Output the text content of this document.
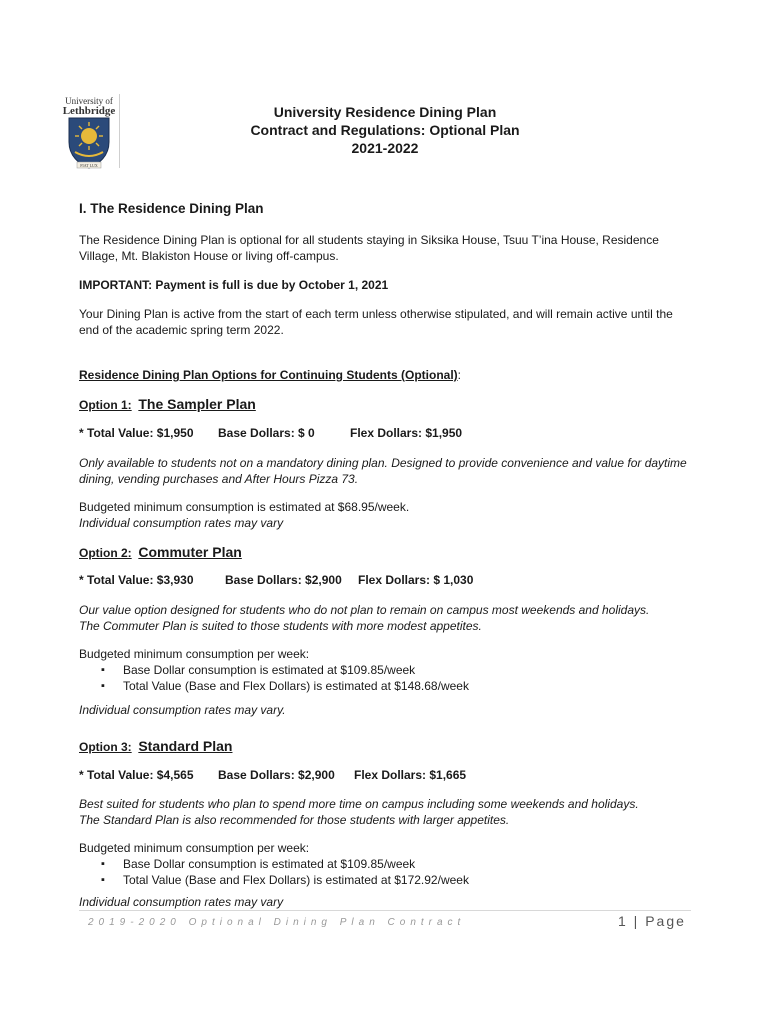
University of
Lethbridge
FIAT LUX
University Residence Dining Plan
Contract and Regulations: Optional Plan
2021-2022
I. The Residence Dining Plan

The Residence Dining Plan is optional for all students staying in Siksika House, Tsuu T’ina House, Residence Village, Mt. Blakiston House or living off-campus.

IMPORTANT: Payment is full is due by October 1, 2021

Your Dining Plan is active from the start of each term unless otherwise stipulated, and will remain active until the end of the academic spring term 2022.

Residence Dining Plan Options for Continuing Students (Optional):
Option 1: The Sampler Plan
* Total Value: $1,950 Base Dollars: $ 0	Flex Dollars: $1,950

Only available to students not on a mandatory dining plan. Designed to provide convenience and value for daytime dining, vending purchases and After Hours Pizza 73.

Budgeted minimum consumption is estimated at $68.95/week.

Individual consumption rates may vary

Option 2: Commuter Plan
* Total Value: $3,930	Base Dollars: $2,900 Flex Dollars: $ 1,030

Our value option designed for students who do not plan to remain on campus most weekends and holidays.

The Commuter Plan is suited to those students with more modest appetites.

Budgeted minimum consumption per week:

▪ Base Dollar consumption is estimated at $109.85/week
▪ Total Value (Base and Flex Dollars) is estimated at $148.68/week

Individual consumption rates may vary.

Option 3: Standard Plan
* Total Value: $4,565 Base Dollars: $2,900 Flex Dollars: $1,665

Best suited for students who plan to spend more time on campus including some weekends and holidays.

The Standard Plan is also recommended for those students with larger appetites.

Budgeted minimum consumption per week:

▪ Base Dollar consumption is estimated at $109.85/week
▪ Total Value (Base and Flex Dollars) is estimated at $172.92/week

Individual consumption rates may vary

2019-2020 Optional Dining Plan Contract	1 | Page
